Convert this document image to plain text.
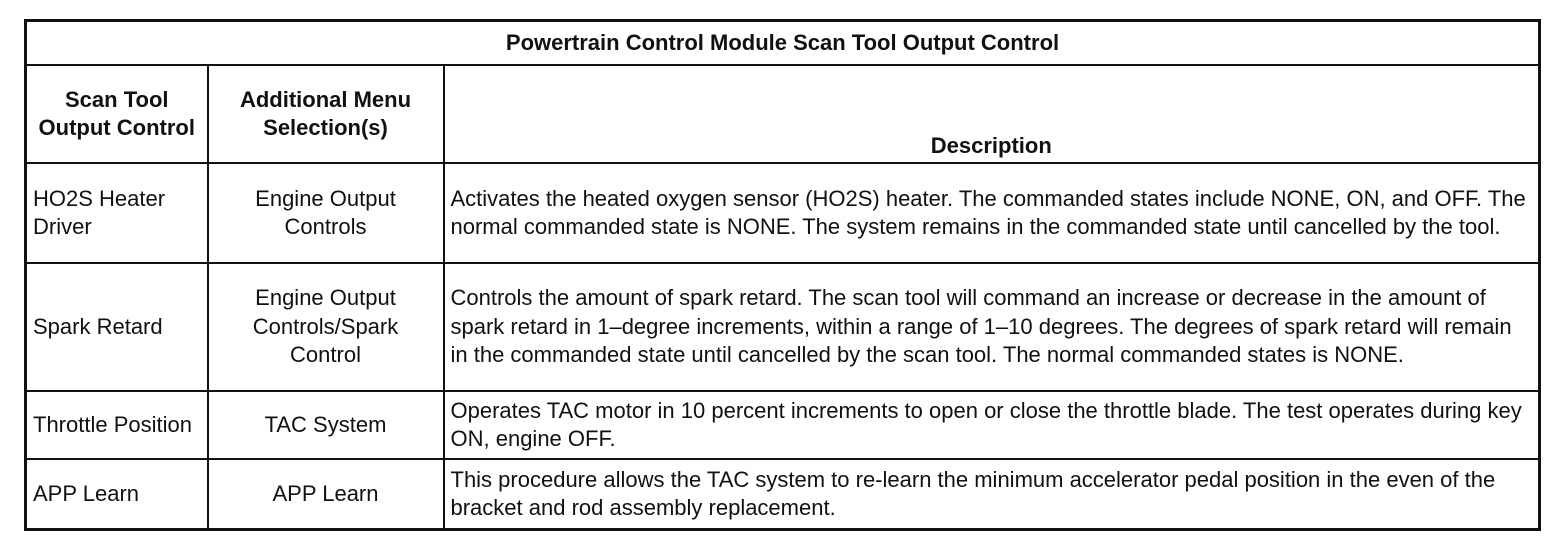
Powertrain Control Module Scan Tool Output Control		
Scan Tool Output Control	Additional Menu Selection(s)	Description
HO2S Heater Driver	Engine Output Controls	Activates the heated oxygen sensor (HO2S) heater. The commanded states include NONE, ON, and OFF. The normal commanded state is NONE. The system remains in the commanded state until cancelled by the tool.
Spark Retard	Engine Output Controls/Spark Control	Controls the amount of spark retard. The scan tool will command an increase or decrease in the amount of spark retard in 1–degree increments, within a range of 1–10 degrees. The degrees of spark retard will remain in the commanded state until cancelled by the scan tool. The normal commanded states is NONE.
Throttle Position	TAC System	Operates TAC motor in 10 percent increments to open or close the throttle blade. The test operates during key ON, engine OFF.
APP Learn	APP Learn	This procedure allows the TAC system to re-learn the minimum accelerator pedal position in the even of the bracket and rod assembly replacement.
